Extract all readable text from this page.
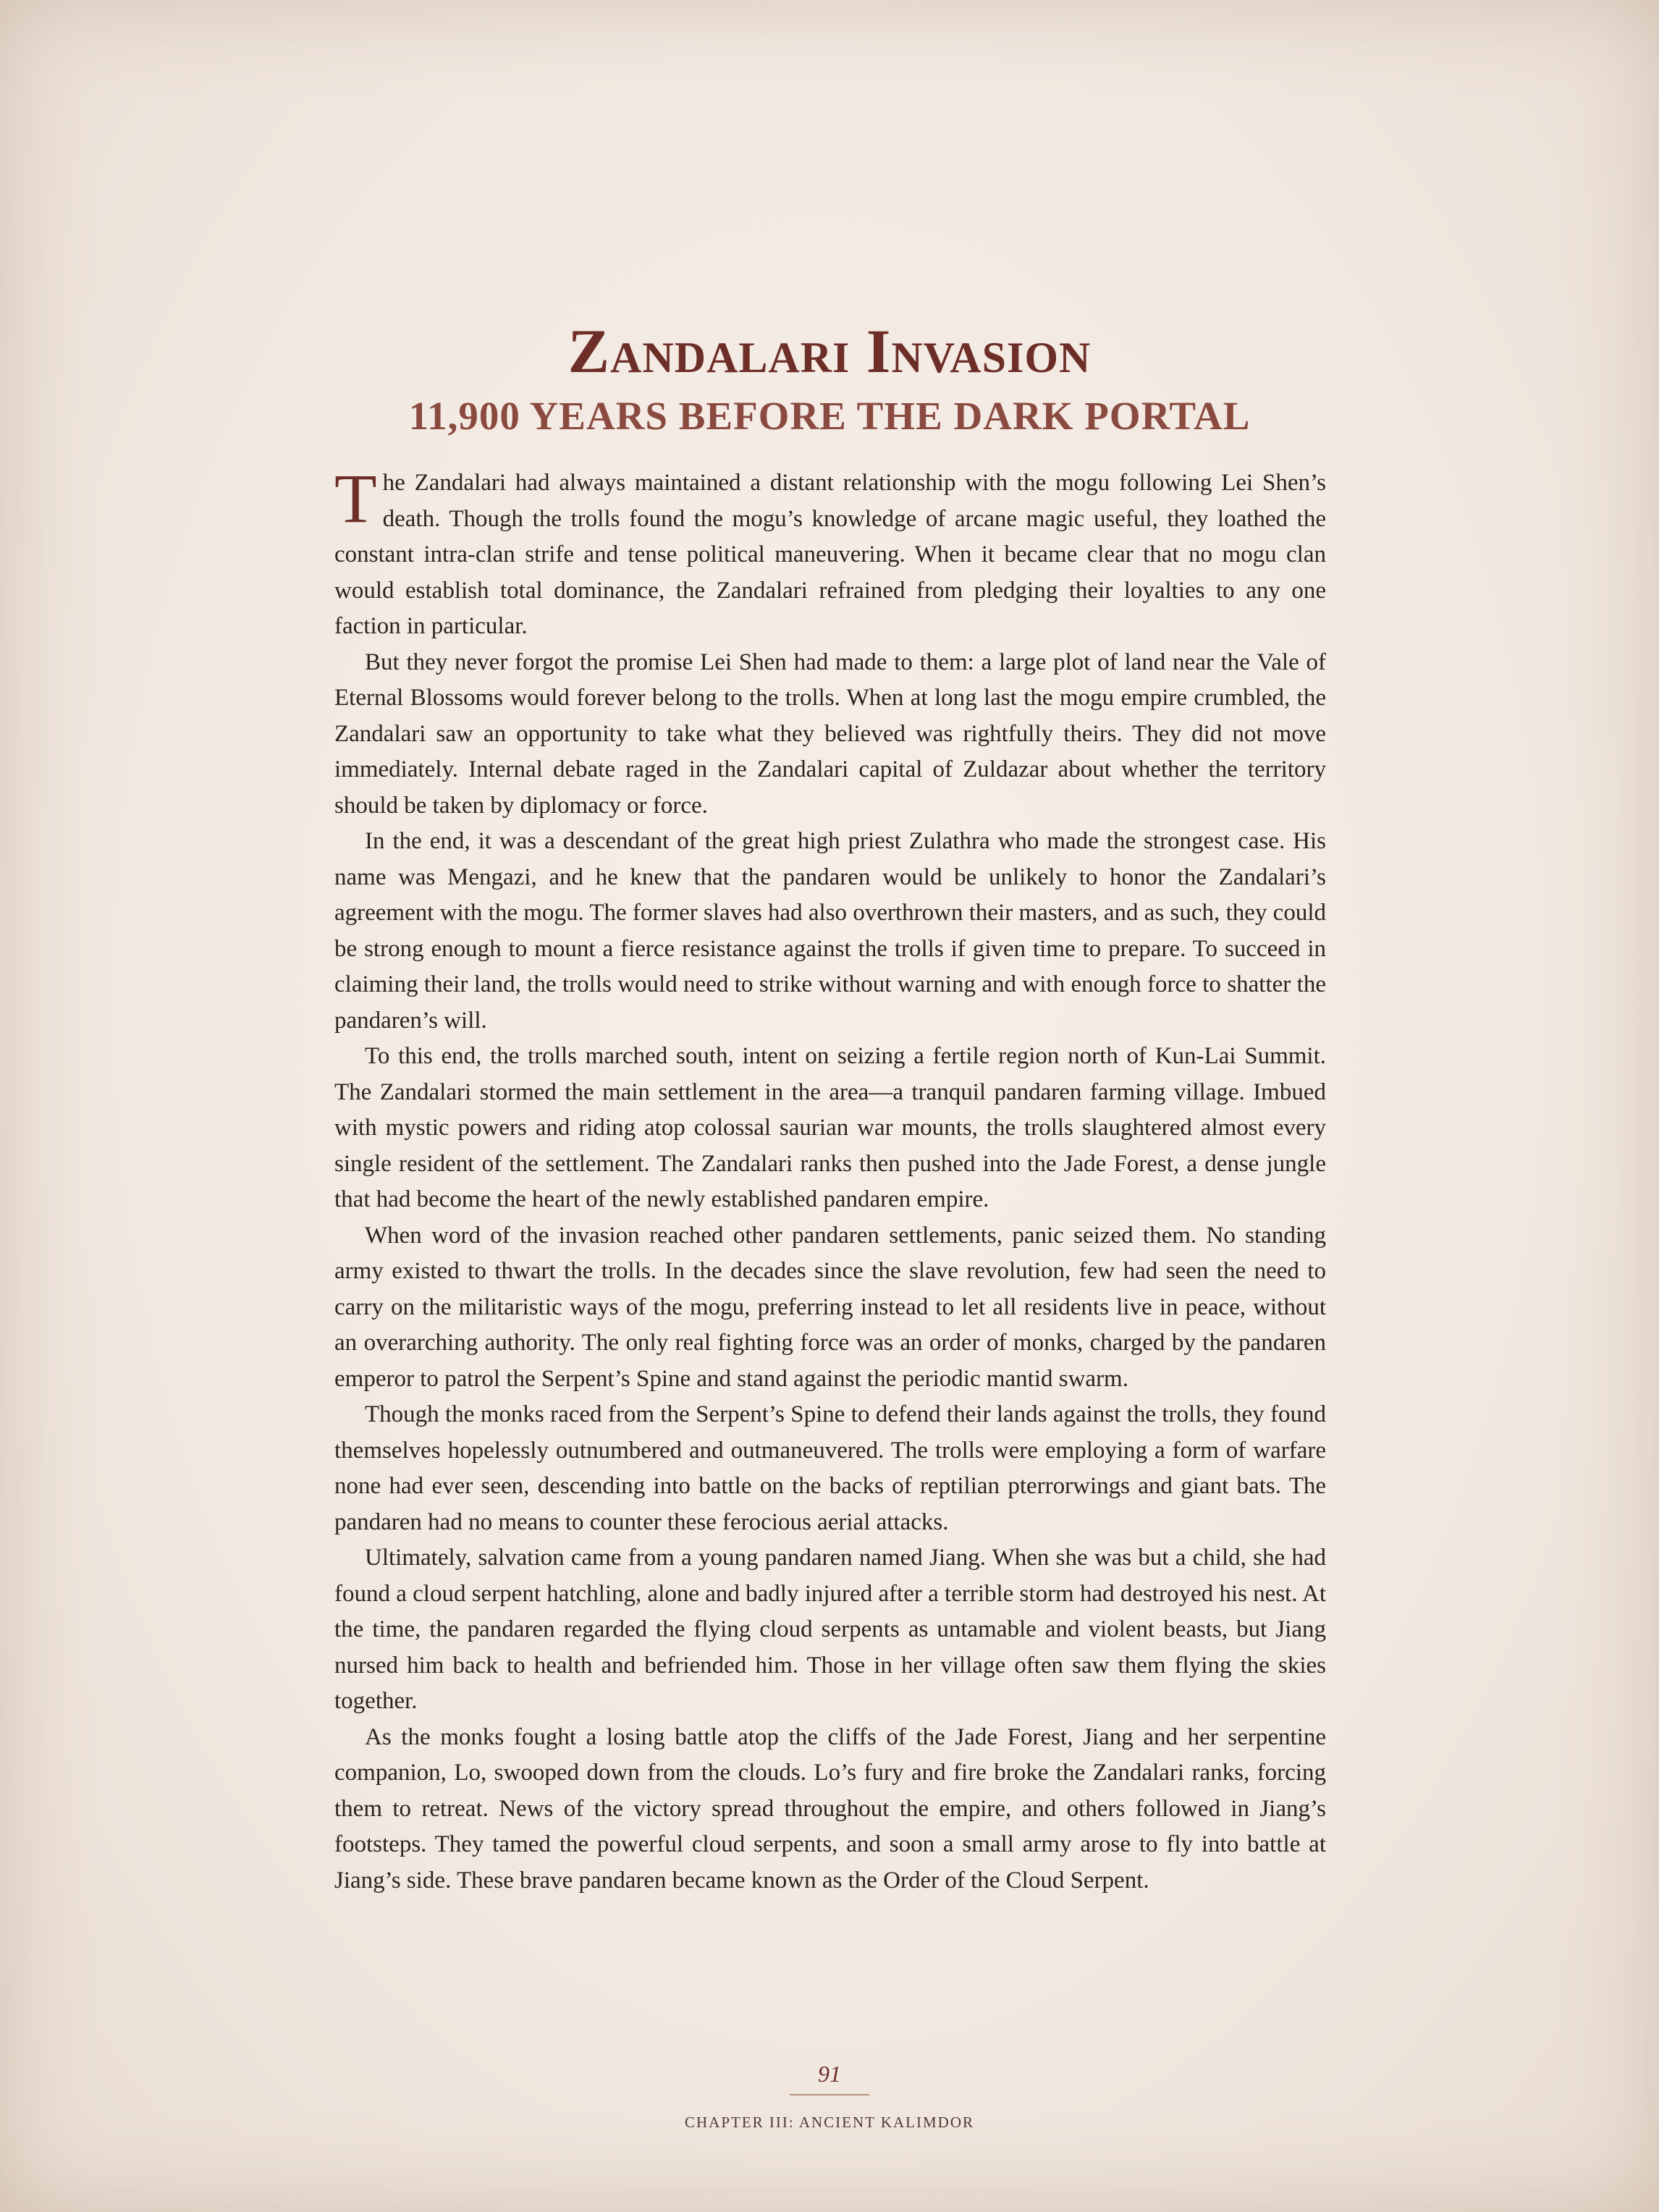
Zandalari Invasion
11,900 YEARS BEFORE THE DARK PORTAL

The Zandalari had always maintained a distant relationship with the mogu following Lei Shen’s death. Though the trolls found the mogu’s knowledge of arcane magic useful, they loathed the constant intra-clan strife and tense political maneuvering. When it became clear that no mogu clan would establish total dominance, the Zandalari refrained from pledging their loyalties to any one faction in particular.

But they never forgot the promise Lei Shen had made to them: a large plot of land near the Vale of Eternal Blossoms would forever belong to the trolls. When at long last the mogu empire crumbled, the Zandalari saw an opportunity to take what they believed was rightfully theirs. They did not move immediately. Internal debate raged in the Zandalari capital of Zuldazar about whether the territory should be taken by diplomacy or force.

In the end, it was a descendant of the great high priest Zulathra who made the strongest case. His name was Mengazi, and he knew that the pandaren would be unlikely to honor the Zandalari’s agreement with the mogu. The former slaves had also overthrown their masters, and as such, they could be strong enough to mount a fierce resistance against the trolls if given time to prepare. To succeed in claiming their land, the trolls would need to strike without warning and with enough force to shatter the pandaren’s will.

To this end, the trolls marched south, intent on seizing a fertile region north of Kun-Lai Summit. The Zandalari stormed the main settlement in the area—a tranquil pandaren farming village. Imbued with mystic powers and riding atop colossal saurian war mounts, the trolls slaughtered almost every single resident of the settlement. The Zandalari ranks then pushed into the Jade Forest, a dense jungle that had become the heart of the newly established pandaren empire.

When word of the invasion reached other pandaren settlements, panic seized them. No standing army existed to thwart the trolls. In the decades since the slave revolution, few had seen the need to carry on the militaristic ways of the mogu, preferring instead to let all residents live in peace, without an overarching authority. The only real fighting force was an order of monks, charged by the pandaren emperor to patrol the Serpent’s Spine and stand against the periodic mantid swarm.

Though the monks raced from the Serpent’s Spine to defend their lands against the trolls, they found themselves hopelessly outnumbered and outmaneuvered. The trolls were employing a form of warfare none had ever seen, descending into battle on the backs of reptilian pterrorwings and giant bats. The pandaren had no means to counter these ferocious aerial attacks.

Ultimately, salvation came from a young pandaren named Jiang. When she was but a child, she had found a cloud serpent hatchling, alone and badly injured after a terrible storm had destroyed his nest. At the time, the pandaren regarded the flying cloud serpents as untamable and violent beasts, but Jiang nursed him back to health and befriended him. Those in her village often saw them flying the skies together.

As the monks fought a losing battle atop the cliffs of the Jade Forest, Jiang and her serpentine companion, Lo, swooped down from the clouds. Lo’s fury and fire broke the Zandalari ranks, forcing them to retreat. News of the victory spread throughout the empire, and others followed in Jiang’s footsteps. They tamed the powerful cloud serpents, and soon a small army arose to fly into battle at Jiang’s side. These brave pandaren became known as the Order of the Cloud Serpent.

91
CHAPTER III: ANCIENT KALIMDOR
